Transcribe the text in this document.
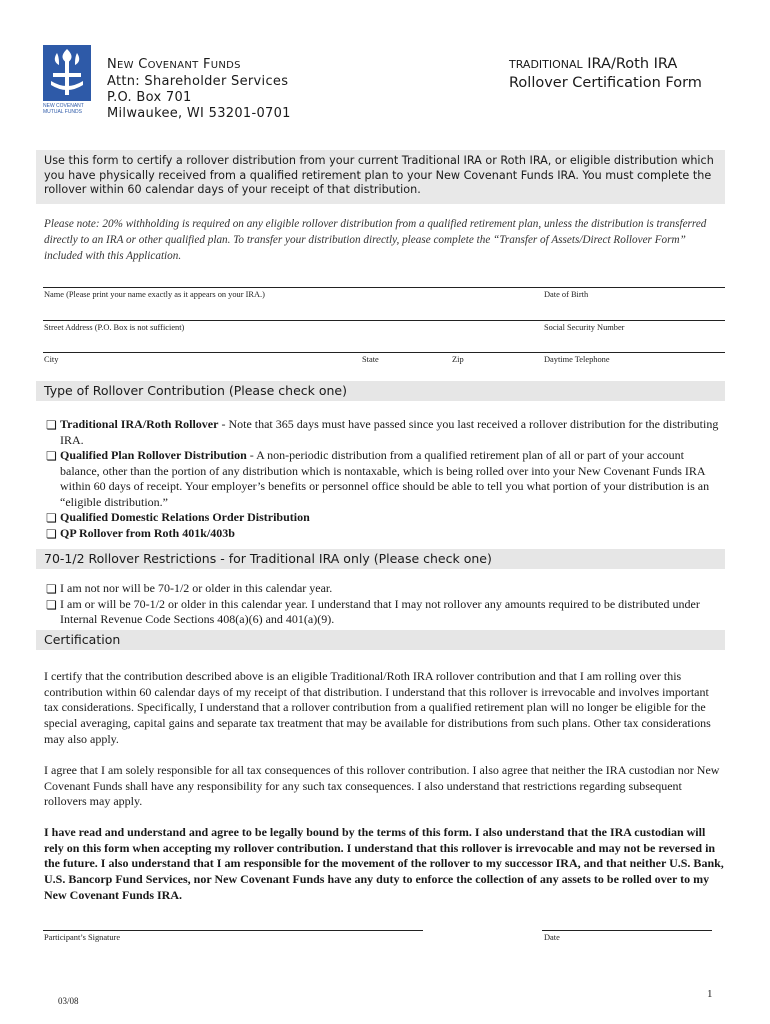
NEW COVENANT
MUTUAL FUNDS
NEW COVENANT FUNDS
Attn: Shareholder Services
P.O. Box 701
Milwaukee, WI 53201-0701
TRADITIONAL IRA/Roth IRA
Rollover Certification Form
Use this form to certify a rollover distribution from your current Traditional IRA or Roth IRA, or eligible distribution which you have physically received from a qualified retirement plan to your New Covenant Funds IRA. You must complete the rollover within 60 calendar days of your receipt of that distribution.
Please note: 20% withholding is required on any eligible rollover distribution from a qualified retirement plan, unless the distribution is transferred directly to an IRA or other qualified plan. To transfer your distribution directly, please complete the “Transfer of Assets/Direct Rollover Form” included with this Application.
Name (Please print your name exactly as it appears on your IRA.)	Date of Birth
Street Address (P.O. Box is not sufficient)	Social Security Number
City	State	Zip	Daytime Telephone
Type of Rollover Contribution (Please check one)
❏ Traditional IRA/Roth Rollover - Note that 365 days must have passed since you last received a rollover distribution for the distributing IRA.
❏ Qualified Plan Rollover Distribution - A non-periodic distribution from a qualified retirement plan of all or part of your account balance, other than the portion of any distribution which is nontaxable, which is being rolled over into your New Covenant Funds IRA within 60 days of receipt. Your employer’s benefits or personnel office should be able to tell you what portion of your distribution is an “eligible distribution.”
❏ Qualified Domestic Relations Order Distribution
❏ QP Rollover from Roth 401k/403b
70-1/2 Rollover Restrictions - for Traditional IRA only (Please check one)
❏ I am not nor will be 70-1/2 or older in this calendar year.
❏ I am or will be 70-1/2 or older in this calendar year. I understand that I may not rollover any amounts required to be distributed under Internal Revenue Code Sections 408(a)(6) and 401(a)(9).
Certification
I certify that the contribution described above is an eligible Traditional/Roth IRA rollover contribution and that I am rolling over this contribution within 60 calendar days of my receipt of that distribution. I understand that this rollover is irrevocable and involves important tax considerations. Specifically, I understand that a rollover contribution from a qualified retirement plan will no longer be eligible for the special averaging, capital gains and separate tax treatment that may be available for distributions from such plans. Other tax considerations may also apply.
I agree that I am solely responsible for all tax consequences of this rollover contribution. I also agree that neither the IRA custodian nor New Covenant Funds shall have any responsibility for any such tax consequences. I also understand that restrictions regarding subsequent rollovers may apply.
I have read and understand and agree to be legally bound by the terms of this form. I also understand that the IRA custodian will rely on this form when accepting my rollover contribution. I understand that this rollover is irrevocable and may not be reversed in the future. I also understand that I am responsible for the movement of the rollover to my successor IRA, and that neither U.S. Bank, U.S. Bancorp Fund Services, nor New Covenant Funds have any duty to enforce the collection of any assets to be rolled over to my New Covenant Funds IRA.
Participant’s Signature	Date
03/08
1
